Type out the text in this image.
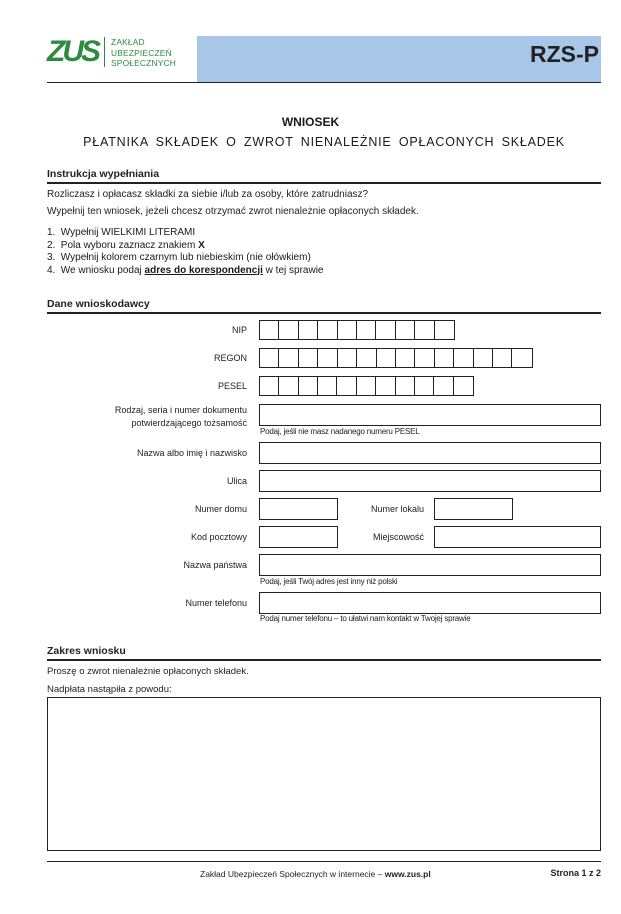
ZUS ZAKŁAD
UBEZPIECZEŃ
SPOŁECZNYCH	RZS-P
WNIOSEK
PŁATNIKA SKŁADEK O ZWROT NIENALEŻNIE OPŁACONYCH SKŁADEK
Instrukcja wypełniania
Rozliczasz i opłacasz składki za siebie i/lub za osoby, które zatrudniasz?
Wypełnij ten wniosek, jeżeli chcesz otrzymać zwrot nienależnie opłaconych składek.
1. Wypełnij WIELKIMI LITERAMI
2. Pola wyboru zaznacz znakiem X
3. Wypełnij kolorem czarnym lub niebieskim (nie ołówkiem)
4. We wniosku podaj adres do korespondencji w tej sprawie
Dane wnioskodawcy
NIP
REGON
PESEL
Rodzaj, seria i numer dokumentu
potwierdzającego tożsamość
Podaj, jeśli nie masz nadanego numeru PESEL
Nazwa albo imię i nazwisko
Ulica
Numer domu	Numer lokalu
Kod pocztowy	Miejscowość
Nazwa państwa
Podaj, jeśli Twój adres jest inny niż polski
Numer telefonu
Podaj numer telefonu – to ułatwi nam kontakt w Twojej sprawie
Zakres wniosku
Proszę o zwrot nienależnie opłaconych składek.
Nadpłata nastąpiła z powodu:
Zakład Ubezpieczeń Społecznych w internecie – www.zus.pl	Strona 1 z 2
